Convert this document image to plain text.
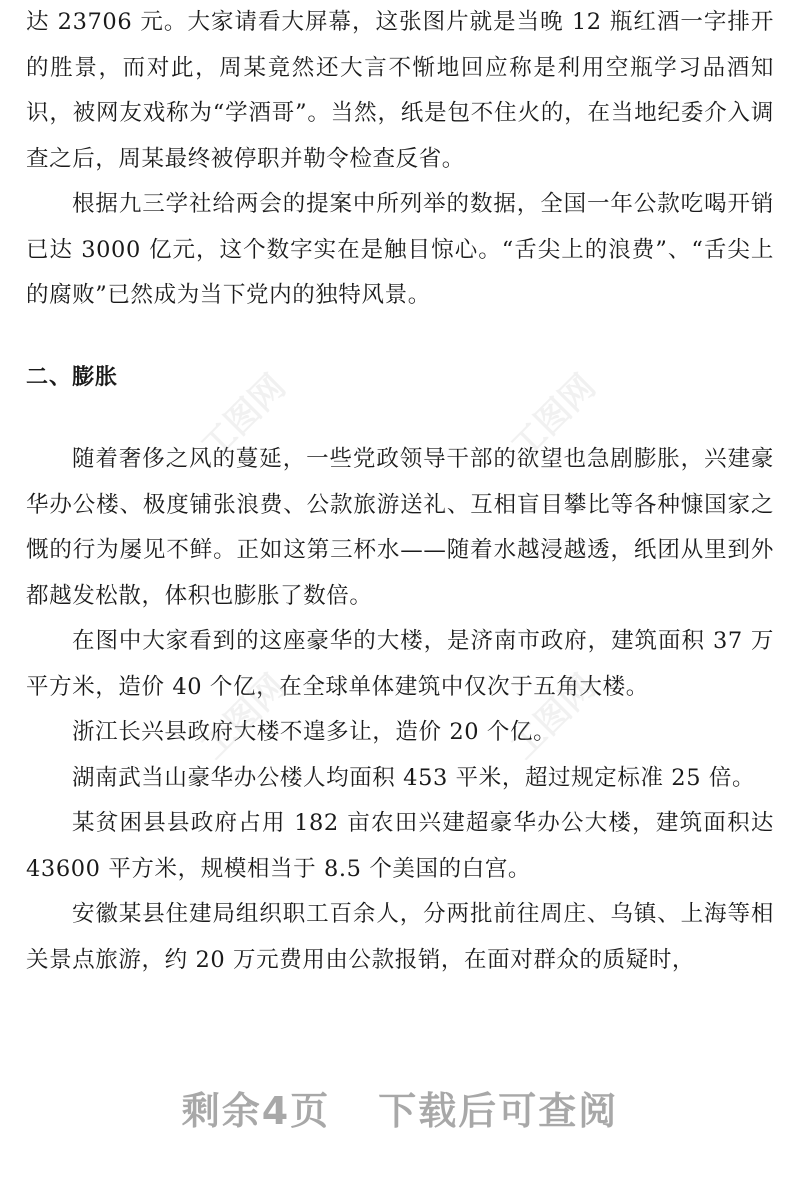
达 23706 元。大家请看大屏幕，这张图片就是当晚 12 瓶红酒一字排开的胜景，而对此，周某竟然还大言不惭地回应称是利用空瓶学习品酒知识，被网友戏称为“学酒哥”。当然，纸是包不住火的，在当地纪委介入调查之后，周某最终被停职并勒令检查反省。

根据九三学社给两会的提案中所列举的数据，全国一年公款吃喝开销已达 3000 亿元，这个数字实在是触目惊心。“舌尖上的浪费”、“舌尖上的腐败”已然成为当下党内的独特风景。

二、膨胀

随着奢侈之风的蔓延，一些党政领导干部的欲望也急剧膨胀，兴建豪华办公楼、极度铺张浪费、公款旅游送礼、互相盲目攀比等各种慷国家之慨的行为屡见不鲜。正如这第三杯水——随着水越浸越透，纸团从里到外都越发松散，体积也膨胀了数倍。

在图中大家看到的这座豪华的大楼，是济南市政府，建筑面积 37 万平方米，造价 40 个亿，在全球单体建筑中仅次于五角大楼。

浙江长兴县政府大楼不遑多让，造价 20 个亿。

湖南武当山豪华办公楼人均面积 453 平米，超过规定标准 25 倍。

某贫困县县政府占用 182 亩农田兴建超豪华办公大楼，建筑面积达 43600 平方米，规模相当于 8.5 个美国的白宫。

安徽某县住建局组织职工百余人，分两批前往周庄、乌镇、上海等相关景点旅游，约 20 万元费用由公款报销，在面对群众的质疑时，

工图网	工图网
工图网	工图网
剩余4页 下载后可查阅
